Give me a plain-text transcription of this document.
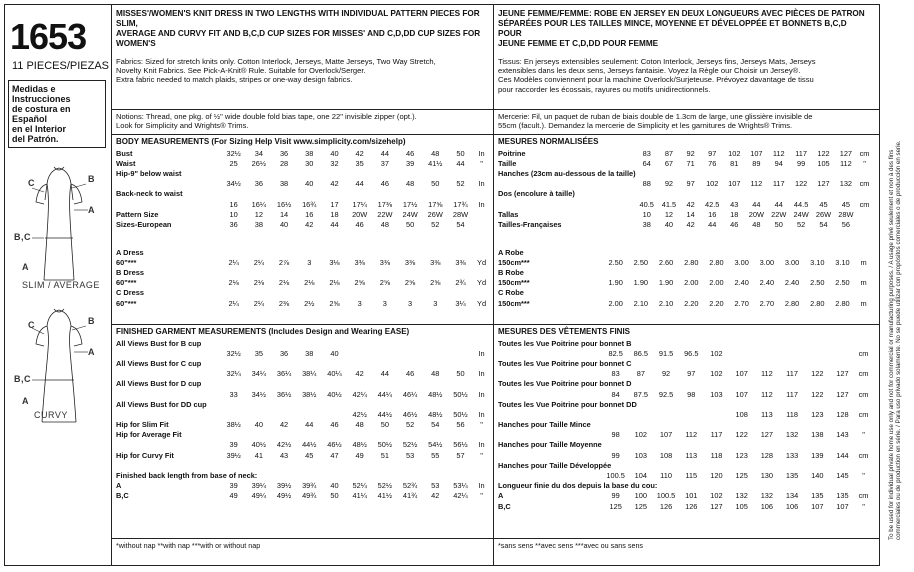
1653
11 PIECES/PIEZAS
Medidas e Instrucciones
de costura en Español
en el Interior
del Patrón.
C	B
A
B,C
A
SLIM / AVERAGE
C	B
A
B,C
A
CURVY
MISSES'/WOMEN'S KNIT DRESS IN TWO LENGTHS WITH INDIVIDUAL PATTERN PIECES FOR SLIM,
AVERAGE AND CURVY FIT AND B,C,D CUP SIZES FOR MISSES' AND C,D,DD CUP SIZES FOR
WOMEN'S
Fabrics: Sized for stretch knits only. Cotton Interlock, Jerseys, Matte Jerseys, Two Way Stretch,
Novelty Knit Fabrics. See Pick-A-Knit® Rule. Suitable for Overlock/Serger.
Extra fabric needed to match plaids, stripes or one-way design fabrics.
Notions: Thread, one pkg. of ½" wide double fold bias tape, one 22" invisible zipper (opt.).
Look for Simplicity and Wrights® Trims.
JEUNE FEMME/FEMME: ROBE EN JERSEY EN DEUX LONGUEURS AVEC PIÈCES DE PATRON
SÉPARÉES POUR LES TAILLES MINCE, MOYENNE ET DÉVELOPPÉE ET BONNETS B,C,D POUR
JEUNE FEMME ET C,D,DD POUR FEMME
Tissus: En jerseys extensibles seulement: Coton Interlock, Jerseys fins, Jerseys Mats, Jerseys
extensibles dans les deux sens, Jerseys fantaisie. Voyez la Règle our Choisir un Jersey®.
Ces Modèles conviennent pour la machine Overlock/Surjeteuse. Prévoyez davantage de tissu
pour raccorder les écossais, rayures ou motifs unidirectionnels.
Mercerie: Fil, un paquet de ruban de biais double de 1.3cm de large, une glissière invisible de
55cm (facult.). Demandez la mercerie de Simplicity et les garnitures de Wrights® Trims.
BODY MEASUREMENTS (For Sizing Help Visit www.simplicity.com/sizehelp)	MESURES NORMALISÉES
FINISHED GARMENT MEASUREMENTS (Includes Design and Wearing EASE)	MESURES DES VÊTEMENTS FINIS
Bust	32½	34	36	38	40	42	44	46	48	50	In
Waist	25	26½	28	30	32	35	37	39	41½	44	"
Hip-9" below waist											
	34½	36	38	40	42	44	46	48	50	52	In
Back-neck to waist											
	16	16¼	16½	16¾	17	17¼	17⅜	17½	17⅝	17¾	In
Pattern Size	10	12	14	16	18	20W	22W	24W	26W	28W	
Sizes-European	36	38	40	42	44	46	48	50	52	54	
A Dress											
60"***	2¼	2¼	2⅞	3	3⅛	3⅜	3⅜	3⅜	3⅜	3⅜	Yd
B Dress											
60"***	2⅛	2⅛	2⅛	2⅛	2⅛	2⅝	2⅝	2⅝	2⅝	2¾	Yd
C Dress											
60"***	2¼	2¼	2⅜	2½	2⅝	3	3	3	3	3¼	Yd
All Views Bust for B cup											
	32½	35	36	38	40						In
All Views Bust for C cup											
	32¼	34¼	36¼	38¼	40¼	42	44	46	48	50	In
All Views Bust for D cup											
	33	34½	36½	38½	40½	42¼	44¼	46¼	48½	50½	In
All Views Bust for DD cup											
						42½	44½	46½	48½	50½	In
Hip for Slim Fit	38½	40	42	44	46	48	50	52	54	56	"
Hip for Average Fit											
	39	40½	42½	44½	46½	48½	50½	52½	54½	56½	In
Hip for Curvy Fit	39½	41	43	45	47	49	51	53	55	57	"

Finished back length from base of neck:											
A	39	39¼	39½	39¾	40	52¼	52½	52¾	53	53¼	In
B,C	49	49¼	49½	49¾	50	41¼	41½	41¾	42	42¼	"
Poitrine	83	87	92	97	102	107	112	117	122	127	cm
Taille	64	67	71	76	81	89	94	99	105	112	"
Hanches (23cm au-dessous de la taille)											
	88	92	97	102	107	112	117	122	127	132	cm
Dos (encolure à taille)											
	40.5	41.5	42	42.5	43	44	44	44.5	45	45	cm
Tallas	10	12	14	16	18	20W	22W	24W	26W	28W	
Tailles-Françaises	38	40	42	44	46	48	50	52	54	56	
A Robe											
150cm***	2.50	2.50	2.60	2.80	2.80	3.00	3.00	3.00	3.10	3.10	m
B Robe											
150cm***	1.90	1.90	1.90	2.00	2.00	2.40	2.40	2.40	2.50	2.50	m
C Robe											
150cm***	2.00	2.10	2.10	2.20	2.20	2.70	2.70	2.80	2.80	2.80	m
Toutes les Vue Poitrine pour bonnet B											
	82.5	86.5	91.5	96.5	102						cm
Toutes les Vue Poitrine pour bonnet C											
	83	87	92	97	102	107	112	117	122	127	cm
Toutes les Vue Poitrine pour bonnet D											
	84	87.5	92.5	98	103	107	112	117	122	127	cm
Toutes les Vue Poitrine pour bonnet DD											
						108	113	118	123	128	cm
Hanches pour Taille Mince											
	98	102	107	112	117	122	127	132	138	143	"
Hanches pour Taille Moyenne											
	99	103	108	113	118	123	128	133	139	144	cm
Hanches pour Taille Développée											
	100.5	104	110	115	120	125	130	135	140	145	"
Longueur finie du dos depuis la base du cou:											
A	99	100	100.5	101	102	132	132	134	135	135	cm
B,C	125	125	126	126	127	105	106	106	107	107	"
*without nap **with nap ***with or without nap	*sans sens **avec sens ***avec ou sans sens
To be used for individual private home use only and not for commercial or manufacturing purposes. / A usage privé seulement et non à des fins commerciales ou de production en série. / Para uso privado solamente. No se puede utilizar con propósitos comerciales o de producción en serie.
